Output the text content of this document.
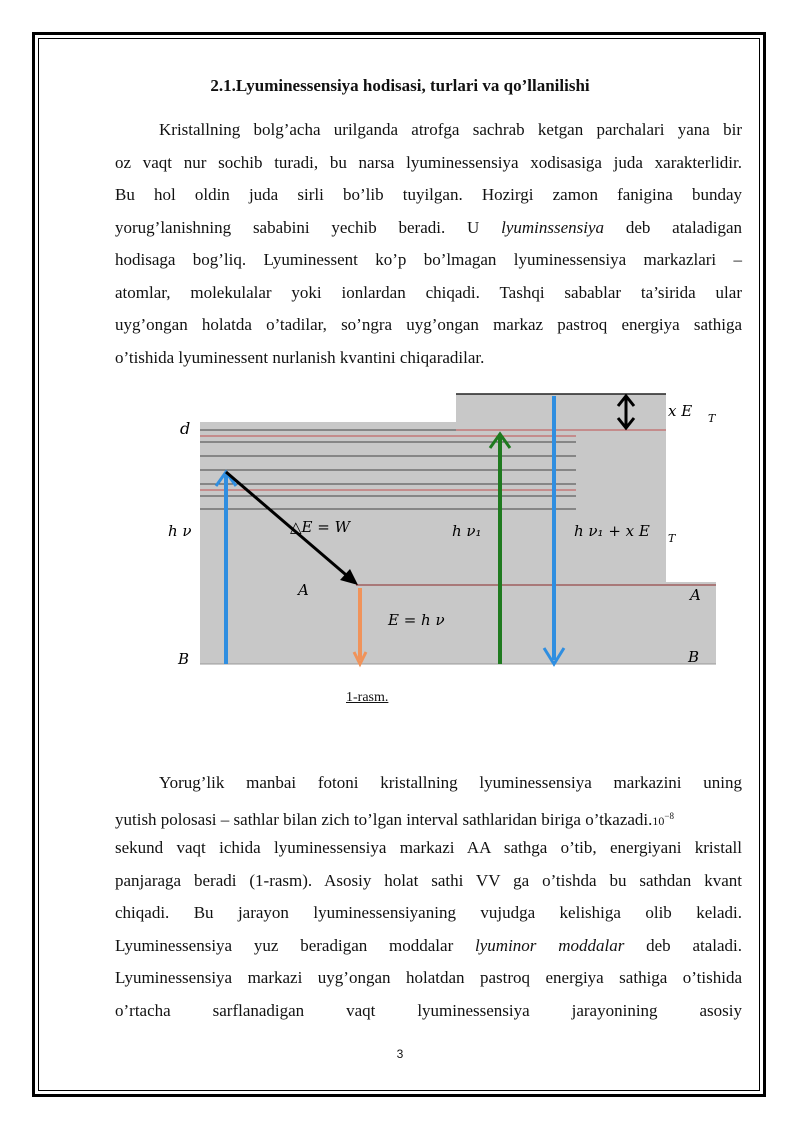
2.1.Lyuminessensiya hodisasi, turlari va qo’llanilishi
Kristallning bolg’acha urilganda atrofga sachrab ketgan parchalari yana bir
oz vaqt nur sochib turadi, bu narsa lyuminessensiya xodisasiga juda xarakterlidir.
Bu hol oldin juda sirli bo’lib tuyilgan. Hozirgi zamon fanigina bunday
yorug’lanishning sababini yechib beradi. U lyuminssensiya deb ataladigan
hodisaga bog’liq. Lyuminessent ko’p bo’lmagan lyuminessensiya markazlari –
atomlar, molekulalar yoki ionlardan chiqadi. Tashqi sabablar ta’sirida ular
uyg’ongan holatda o’tadilar, so’ngra uyg’ongan markaz pastroq energiya sathiga
o’tishida lyuminessent nurlanish kvantini chiqaradilar.
d
h ν	△E = W	h ν₁	h ν₁ + x E T
x E T
A	A
E = h ν
B	B
1-rasm.
Yorug’lik manbai fotoni kristallning lyuminessensiya markazini uning
yutish polosasi – sathlar bilan zich to’lgan interval sathlaridan biriga $o’tkazadi.10^{-8}$
sekund vaqt ichida lyuminessensiya markazi AA sathga o’tib, energiyani kristall
panjaraga beradi (1-rasm). Asosiy holat sathi VV ga o’tishda bu sathdan kvant
chiqadi. Bu jarayon lyuminessensiyaning vujudga kelishiga olib keladi.
Lyuminessensiya yuz beradigan moddalar lyuminor moddalar deb ataladi.
Lyuminessensiya markazi uyg’ongan holatdan pastroq energiya sathiga o’tishida
o’rtacha sarflanadigan vaqt lyuminessensiya jarayonining asosiy
3
